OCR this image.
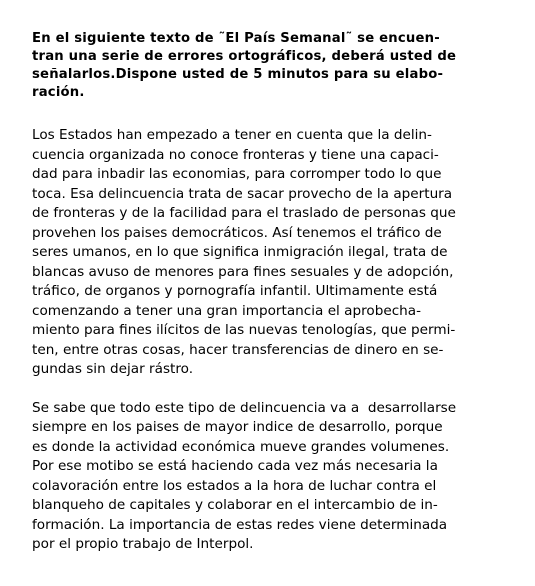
En el siguiente texto de ˜El País Semanal˜ se encuen-
tran una serie de errores ortográficos, deberá usted de
señalarlos.Dispone usted de 5 minutos para su elabo-
ración.
Los Estados han empezado a tener en cuenta que la delin-
cuencia organizada no conoce fronteras y tiene una capaci-
dad para inbadir las economias, para corromper todo lo que
toca. Esa delincuencia trata de sacar provecho de la apertura
de fronteras y de la facilidad para el traslado de personas que
provehen los paises democráticos. Así tenemos el tráfico de
seres umanos, en lo que significa inmigración ilegal, trata de
blancas avuso de menores para fines sesuales y de adopción,
tráfico, de organos y pornografía infantil. Ultimamente está
comenzando a tener una gran importancia el aprobecha-
miento para fines ilícitos de las nuevas tenologías, que permi-
ten, entre otras cosas, hacer transferencias de dinero en se-
gundas sin dejar rástro.
Se sabe que todo este tipo de delincuencia va a  desarrollarse
siempre en los paises de mayor indice de desarrollo, porque
es donde la actividad económica mueve grandes volumenes.
Por ese motibo se está haciendo cada vez más necesaria la
colavoración entre los estados a la hora de luchar contra el
blanqueho de capitales y colaborar en el intercambio de in-
formación. La importancia de estas redes viene determinada
por el propio trabajo de Interpol.
